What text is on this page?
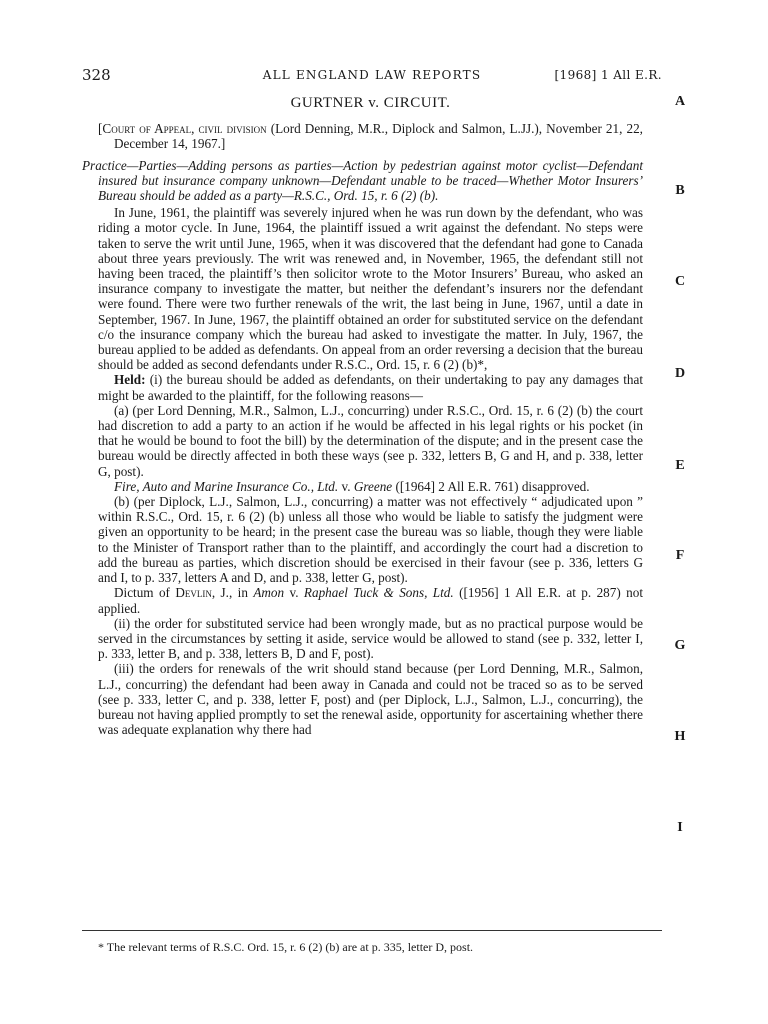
328	ALL ENGLAND LAW REPORTS	[1968] 1 All E.R.
A
B
C
D
E
F
G
H
I
GURTNER v. CIRCUIT.

[Court of Appeal, civil division (Lord Denning, M.R., Diplock and Salmon, L.JJ.), November 21, 22, December 14, 1967.]

Practice—Parties—Adding persons as parties—Action by pedestrian against motor cyclist—Defendant insured but insurance company unknown—Defendant unable to be traced—Whether Motor Insurers’ Bureau should be added as a party—R.S.C., Ord. 15, r. 6 (2) (b).

In June, 1961, the plaintiff was severely injured when he was run down by the defendant, who was riding a motor cycle. In June, 1964, the plaintiff issued a writ against the defendant. No steps were taken to serve the writ until June, 1965, when it was discovered that the defendant had gone to Canada about three years previously. The writ was renewed and, in November, 1965, the defendant still not having been traced, the plaintiff’s then solicitor wrote to the Motor Insurers’ Bureau, who asked an insurance company to investigate the matter, but neither the defendant’s insurers nor the defendant were found. There were two further renewals of the writ, the last being in June, 1967, until a date in September, 1967. In June, 1967, the plaintiff obtained an order for substituted service on the defendant c/o the insurance company which the bureau had asked to investigate the matter. In July, 1967, the bureau applied to be added as defendants. On appeal from an order reversing a decision that the bureau should be added as second defendants under R.S.C., Ord. 15, r. 6 (2) (b)*,

Held: (i) the bureau should be added as defendants, on their undertaking to pay any damages that might be awarded to the plaintiff, for the following reasons—

(a) (per Lord Denning, M.R., Salmon, L.J., concurring) under R.S.C., Ord. 15, r. 6 (2) (b) the court had discretion to add a party to an action if he would be affected in his legal rights or his pocket (in that he would be bound to foot the bill) by the determination of the dispute; and in the present case the bureau would be directly affected in both these ways (see p. 332, letters B, G and H, and p. 338, letter G, post).

Fire, Auto and Marine Insurance Co., Ltd. v. Greene ([1964] 2 All E.R. 761) disapproved.

(b) (per Diplock, L.J., Salmon, L.J., concurring) a matter was not effectively “ adjudicated upon ” within R.S.C., Ord. 15, r. 6 (2) (b) unless all those who would be liable to satisfy the judgment were given an opportunity to be heard; in the present case the bureau was so liable, though they were liable to the Minister of Transport rather than to the plaintiff, and accordingly the court had a discretion to add the bureau as parties, which discretion should be exercised in their favour (see p. 336, letters G and I, to p. 337, letters A and D, and p. 338, letter G, post).

Dictum of Devlin, J., in Amon v. Raphael Tuck & Sons, Ltd. ([1956] 1 All E.R. at p. 287) not applied.

(ii) the order for substituted service had been wrongly made, but as no practical purpose would be served in the circumstances by setting it aside, service would be allowed to stand (see p. 332, letter I, p. 333, letter B, and p. 338, letters B, D and F, post).

(iii) the orders for renewals of the writ should stand because (per Lord Denning, M.R., Salmon, L.J., concurring) the defendant had been away in Canada and could not be traced so as to be served (see p. 333, letter C, and p. 338, letter F, post) and (per Diplock, L.J., Salmon, L.J., concurring), the bureau not having applied promptly to set the renewal aside, opportunity for ascertaining whether there was adequate explanation why there had

* The relevant terms of R.S.C. Ord. 15, r. 6 (2) (b) are at p. 335, letter D, post.
